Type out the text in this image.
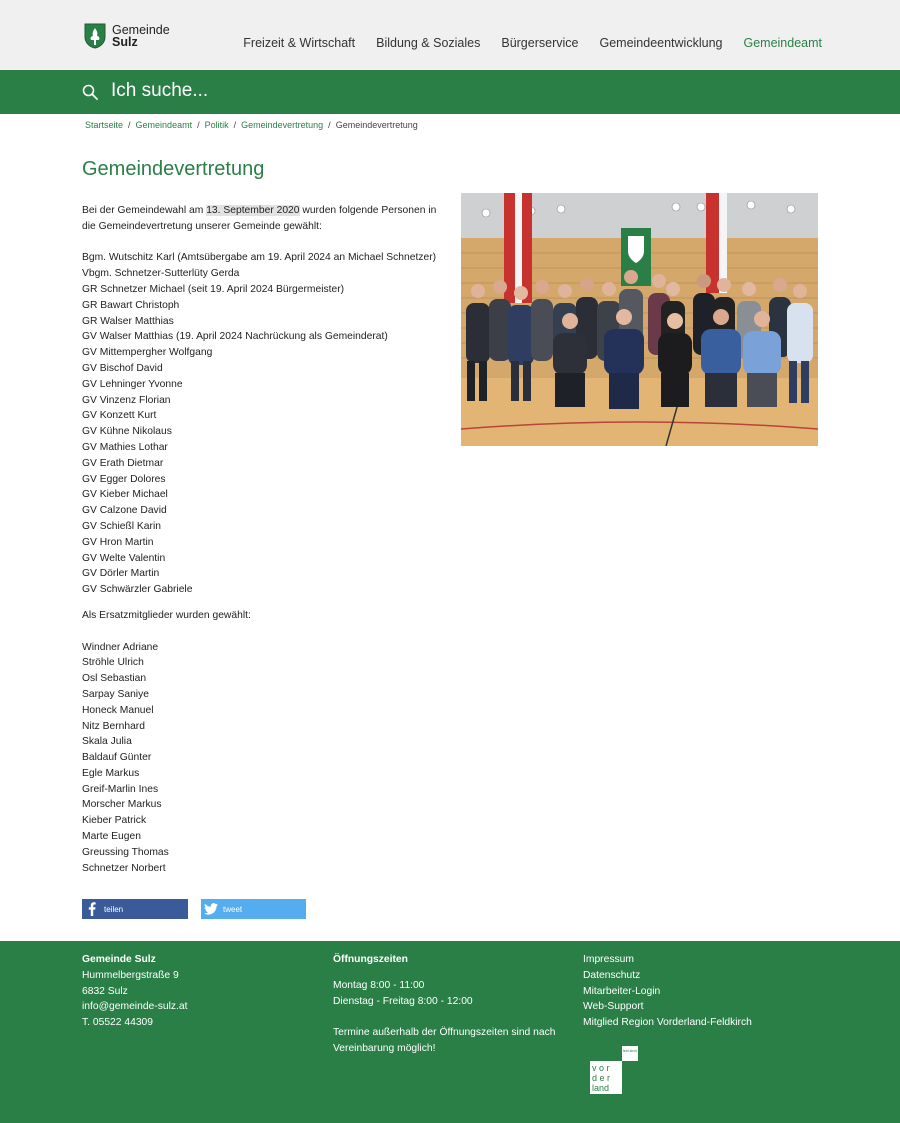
Gemeinde
Sulz	Freizeit & Wirtschaft Bildung & Soziales Bürgerservice Gemeindeentwicklung Gemeindeamt
Ich suche...
Startseite / Gemeindeamt / Politik / Gemeindevertretung / Gemeindevertretung
Gemeindevertretung

Bei der Gemeindewahl am 13. September 2020 wurden folgende Personen in die Gemeindevertretung unserer Gemeinde gewählt:

Bgm. Wutschitz Karl (Amtsübergabe am 19. April 2024 an Michael Schnetzer)

Vbgm. Schnetzer-Sutterlüty Gerda

GR Schnetzer Michael (seit 19. April 2024 Bürgermeister)

GR Bawart Christoph

GR Walser Matthias

GV Walser Matthias (19. April 2024 Nachrückung als Gemeinderat)

GV Mittempergher Wolfgang

GV Bischof David

GV Lehninger Yvonne

GV Vinzenz Florian

GV Konzett Kurt

GV Kühne Nikolaus

GV Mathies Lothar

GV Erath Dietmar

GV Egger Dolores

GV Kieber Michael

GV Calzone David

GV Schießl Karin

GV Hron Martin

GV Welte Valentin

GV Dörler Martin

GV Schwärzler Gabriele

Als Ersatzmitglieder wurden gewählt:

Windner Adriane

Ströhle Ulrich

Osl Sebastian

Sarpay Saniye

Honeck Manuel

Nitz Bernhard

Skala Julia

Baldauf Günter

Egle Markus

Greif-Marlin Ines

Morscher Markus

Kieber Patrick

Marte Eugen

Greussing Thomas

Schnetzer Norbert

teilen	tweet
Gemeinde Sulz

Hummelbergstraße 9

6832 Sulz

info@gemeinde-sulz.at

T. 05522 44309

Öffnungszeiten

Montag 8:00 - 11:00

Dienstag - Freitag 8:00 - 12:00

Termine außerhalb der Öffnungszeiten sind nach Vereinbarung möglich!

Impressum

Datenschutz

Mitarbeiter-Login

Web-Support

Mitglied Region Vorderland-Feldkirch

feld kirch
v o r
d e r
land
